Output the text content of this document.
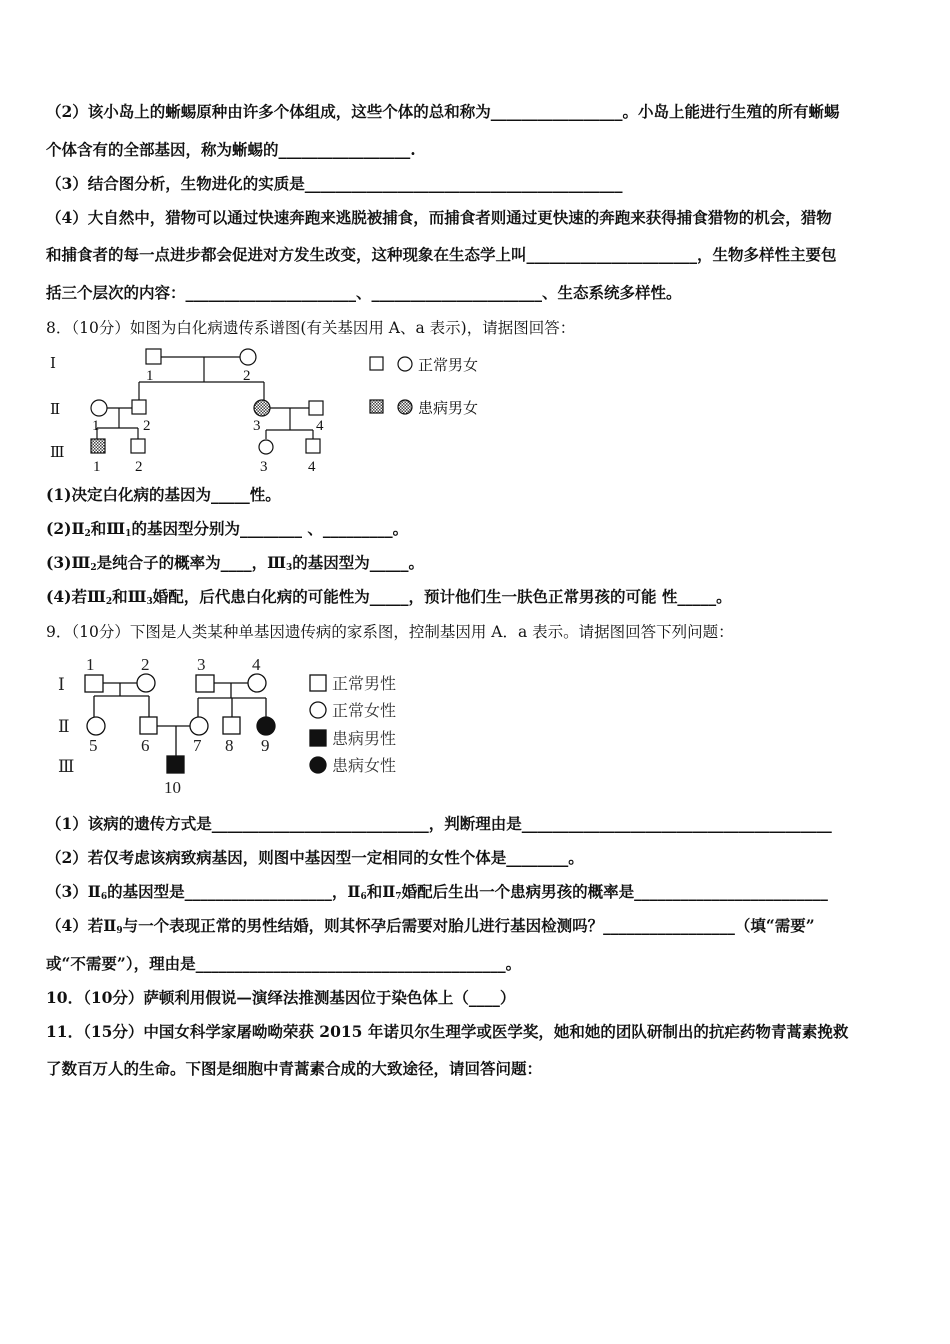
（2）该小岛上的蜥蜴原种由许多个体组成，这些个体的总和称为_________________。小岛上能进行生殖的所有蜥蜴
个体含有的全部基因，称为蜥蜴的_________________.
（3）结合图分析，生物进化的实质是_________________________________________
（4）大自然中，猎物可以通过快速奔跑来逃脱被捕食，而捕食者则通过更快速的奔跑来获得捕食猎物的机会，猎物
和捕食者的每一点进步都会促进对方发生改变，这种现象在生态学上叫______________________，生物多样性主要包
括三个层次的内容：______________________、______________________、生态系统多样性。
8．（10分）如图为白化病遗传系谱图(有关基因用 A、a 表示)，请据图回答：
Ⅰ
Ⅱ
Ⅲ
1	2
1	2	3	4
1 2	3	4
正常男女
患病男女
(1)决定白化病的基因为_____性。
$(2)Ⅱ_2$和$Ⅲ_1$的基因型分别为________ 、_________。
$(3)Ⅲ_2$是纯合子的概率为____，$Ⅲ_3$的基因型为_____。
(4)若$Ⅲ_2$和$Ⅲ_3$婚配，后代患白化病的可能性为_____，预计他们生一肤色正常男孩的可能 性_____。
9．（10分）下图是人类某种单基因遗传病的家系图，控制基因用 A．a 表示。请据图回答下列问题：
Ⅰ
Ⅱ
Ⅲ
1	2	3	4
5	6	7 8 9
10
正常男性
正常女性
患病男性
患病女性
（1）该病的遗传方式是____________________________，判断理由是________________________________________
（2）若仅考虑该病致病基因，则图中基因型一定相同的女性个体是________。
$(3)Ⅱ_6$的基因型是___________________，$Ⅱ_6$和$Ⅱ_7$婚配后生出一个患病男孩的概率是_________________________
（4）若$Ⅱ_9$与一个表现正常的男性结婚，则其怀孕后需要对胎儿进行基因检测吗？_________________（填“需要”
或“不需要”），理由是________________________________________。
10．（10分）萨顿利用假说—演绎法推测基因位于染色体上（____）
11．（15分）中国女科学家屠呦呦荣获 2015 年诺贝尔生理学或医学奖，她和她的团队研制出的抗疟药物青蒿素挽救
了数百万人的生命。下图是细胞中青蒿素合成的大致途径，请回答问题：
